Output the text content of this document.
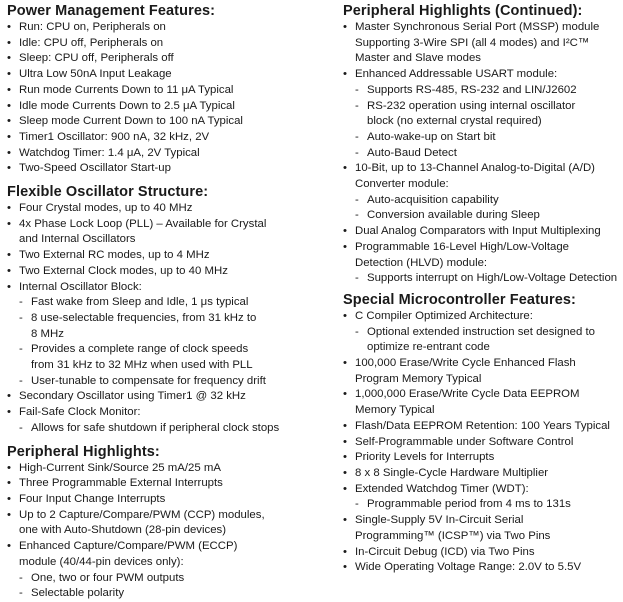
Power Management Features:
• Run: CPU on, Peripherals on
• Idle: CPU off, Peripherals on
• Sleep: CPU off, Peripherals off
• Ultra Low 50nA Input Leakage
• Run mode Currents Down to 11 μA Typical
• Idle mode Currents Down to 2.5 μA Typical
• Sleep mode Current Down to 100 nA Typical
• Timer1 Oscillator: 900 nA, 32 kHz, 2V
• Watchdog Timer: 1.4 μA, 2V Typical
• Two-Speed Oscillator Start-up
Flexible Oscillator Structure:
• Four Crystal modes, up to 40 MHz
• 4x Phase Lock Loop (PLL) – Available for Crystal
and Internal Oscillators
• Two External RC modes, up to 4 MHz
• Two External Clock modes, up to 40 MHz
• Internal Oscillator Block:
- Fast wake from Sleep and Idle, 1 μs typical
- 8 use-selectable frequencies, from 31 kHz to
8 MHz
- Provides a complete range of clock speeds
from 31 kHz to 32 MHz when used with PLL
- User-tunable to compensate for frequency drift
• Secondary Oscillator using Timer1 @ 32 kHz
• Fail-Safe Clock Monitor:
- Allows for safe shutdown if peripheral clock stops
Peripheral Highlights:
• High-Current Sink/Source 25 mA/25 mA
• Three Programmable External Interrupts
• Four Input Change Interrupts
• Up to 2 Capture/Compare/PWM (CCP) modules,
one with Auto-Shutdown (28-pin devices)
• Enhanced Capture/Compare/PWM (ECCP)
module (40/44-pin devices only):
- One, two or four PWM outputs
- Selectable polarity
Peripheral Highlights (Continued):
• Master Synchronous Serial Port (MSSP) module
Supporting 3-Wire SPI (all 4 modes) and I²C™
Master and Slave modes
• Enhanced Addressable USART module:
- Supports RS-485, RS-232 and LIN/J2602
- RS-232 operation using internal oscillator
block (no external crystal required)
- Auto-wake-up on Start bit
- Auto-Baud Detect
• 10-Bit, up to 13-Channel Analog-to-Digital (A/D)
Converter module:
- Auto-acquisition capability
- Conversion available during Sleep
• Dual Analog Comparators with Input Multiplexing
• Programmable 16-Level High/Low-Voltage
Detection (HLVD) module:
- Supports interrupt on High/Low-Voltage Detection
Special Microcontroller Features:
• C Compiler Optimized Architecture:
- Optional extended instruction set designed to
optimize re-entrant code
• 100,000 Erase/Write Cycle Enhanced Flash
Program Memory Typical
• 1,000,000 Erase/Write Cycle Data EEPROM
Memory Typical
• Flash/Data EEPROM Retention: 100 Years Typical
• Self-Programmable under Software Control
• Priority Levels for Interrupts
• 8 x 8 Single-Cycle Hardware Multiplier
• Extended Watchdog Timer (WDT):
- Programmable period from 4 ms to 131s
• Single-Supply 5V In-Circuit Serial
Programming™ (ICSP™) via Two Pins
• In-Circuit Debug (ICD) via Two Pins
• Wide Operating Voltage Range: 2.0V to 5.5V
